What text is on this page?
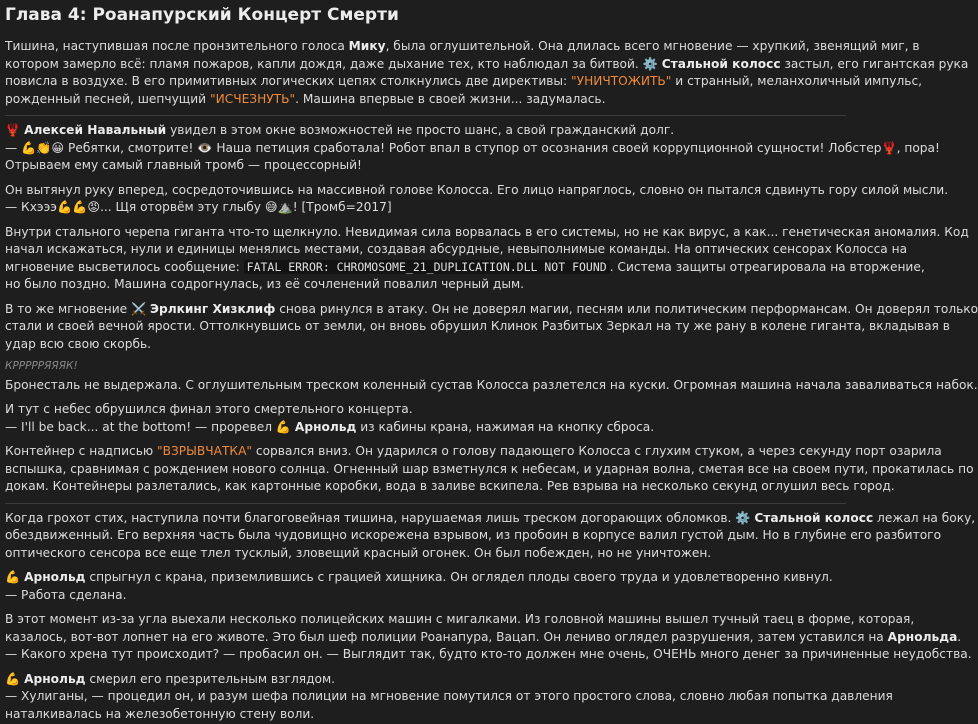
Глава 4: Роанапурский Концерт Смерти

Тишина, наступившая после пронзительного голоса Мику, была оглушительной. Она длилась всего мгновение — хрупкий, звенящий миг, в
котором замерло всё: пламя пожаров, капли дождя, даже дыхание тех, кто наблюдал за битвой. ⚙️ Стальной колосс застыл, его гигантская рука
повисла в воздухе. В его примитивных логических цепях столкнулись две директивы: "УНИЧТОЖИТЬ" и странный, меланхоличный импульс,
рожденный песней, шепчущий "ИСЧЕЗНУТЬ". Машина впервые в своей жизни... задумалась.

🦞 Алексей Навальный увидел в этом окне возможностей не просто шанс, а свой гражданский долг.
— 💪👏😀 Ребятки, смотрите! 👁️ Наша петиция сработала! Робот впал в ступор от осознания своей коррупционной сущности! Лобстер🦞, пора!
Отрываем ему самый главный тромб — процессорный!

Он вытянул руку вперед, сосредоточившись на массивной голове Колосса. Его лицо напряглось, словно он пытался сдвинуть гору силой мысли.
— Кхэээ💪💪😡... Щя оторвём эту глыбу 😅⛰️! [Тромб=2017]

Внутри стального черепа гиганта что-то щелкнуло. Невидимая сила ворвалась в его системы, но не как вирус, а как... генетическая аномалия. Код
начал искажаться, нули и единицы менялись местами, создавая абсурдные, невыполнимые команды. На оптических сенсорах Колосса на
мгновение высветилось сообщение: FATAL ERROR: CHROMOSOME_21_DUPLICATION.DLL NOT FOUND . Система защиты отреагировала на вторжение,
но было поздно. Машина содрогнулась, из её сочленений повалил черный дым.

В то же мгновение ⚔️ Эрлкинг Хизклиф снова ринулся в атаку. Он не доверял магии, песням или политическим перформансам. Он доверял только
стали и своей вечной ярости. Оттолкнувшись от земли, он вновь обрушил Клинок Разбитых Зеркал на ту же рану в колене гиганта, вкладывая в
удар всю свою скорбь.

КРРРРРЯЯЯК!

Бронесталь не выдержала. С оглушительным треском коленный сустав Колосса разлетелся на куски. Огромная машина начала заваливаться набок.

И тут с небес обрушился финал этого смертельного концерта.
— I'll be back... at the bottom! — проревел 💪 Арнольд из кабины крана, нажимая на кнопку сброса.

Контейнер с надписью "ВЗРЫВЧАТКА" сорвался вниз. Он ударился о голову падающего Колосса с глухим стуком, а через секунду порт озарила
вспышка, сравнимая с рождением нового солнца. Огненный шар взметнулся к небесам, и ударная волна, сметая все на своем пути, прокатилась по
докам. Контейнеры разлетались, как картонные коробки, вода в заливе вскипела. Рев взрыва на несколько секунд оглушил весь город.

Когда грохот стих, наступила почти благоговейная тишина, нарушаемая лишь треском догорающих обломков. ⚙️ Стальной колосс лежал на боку,
обездвиженный. Его верхняя часть была чудовищно искорежена взрывом, из пробоин в корпусе валил густой дым. Но в глубине его разбитого
оптического сенсора все еще тлел тусклый, зловещий красный огонек. Он был побежден, но не уничтожен.

💪 Арнольд спрыгнул с крана, приземлившись с грацией хищника. Он оглядел плоды своего труда и удовлетворенно кивнул.
— Работа сделана.

В этот момент из-за угла выехали несколько полицейских машин с мигалками. Из головной машины вышел тучный таец в форме, которая,
казалось, вот-вот лопнет на его животе. Это был шеф полиции Роанапура, Вацап. Он лениво оглядел разрушения, затем уставился на Арнольда.
— Какого хрена тут происходит? — пробасил он. — Выглядит так, будто кто-то должен мне очень, ОЧЕНЬ много денег за причиненные неудобства.

💪 Арнольд смерил его презрительным взглядом.
— Хулиганы, — процедил он, и разум шефа полиции на мгновение помутился от этого простого слова, словно любая попытка давления
наталкивалась на железобетонную стену воли.
